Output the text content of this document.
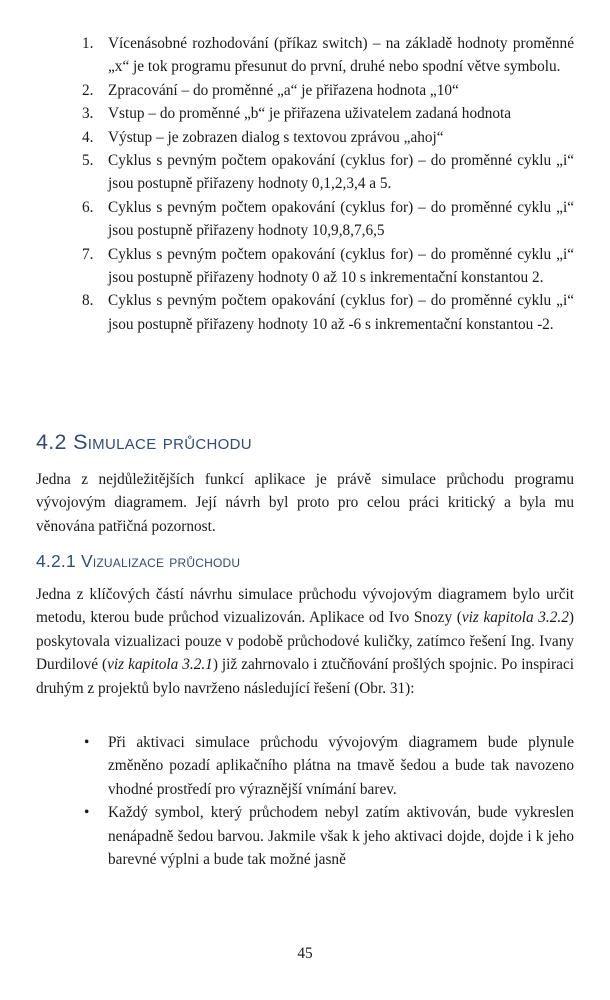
1. Vícenásobné rozhodování (příkaz switch) – na základě hodnoty proměnné „x“ je tok programu přesunut do první, druhé nebo spodní větve symbolu.
2. Zpracování – do proměnné „a“ je přiřazena hodnota „10“
3. Vstup – do proměnné „b“ je přiřazena uživatelem zadaná hodnota
4. Výstup – je zobrazen dialog s textovou zprávou „ahoj“
5. Cyklus s pevným počtem opakování (cyklus for) – do proměnné cyklu „i“ jsou postupně přiřazeny hodnoty 0,1,2,3,4 a 5.
6. Cyklus s pevným počtem opakování (cyklus for) – do proměnné cyklu „i“ jsou postupně přiřazeny hodnoty 10,9,8,7,6,5
7. Cyklus s pevným počtem opakování (cyklus for) – do proměnné cyklu „i“ jsou postupně přiřazeny hodnoty 0 až 10 s inkrementační konstantou 2.
8. Cyklus s pevným počtem opakování (cyklus for) – do proměnné cyklu „i“ jsou postupně přiřazeny hodnoty 10 až -6 s inkrementační konstantou -2.
4.2 Simulace průchodu

Jedna z nejdůležitějších funkcí aplikace je právě simulace průchodu programu vývojovým diagramem. Její návrh byl proto pro celou práci kritický a byla mu věnována patřičná pozornost.

4.2.1 Vizualizace průchodu

Jedna z klíčových částí návrhu simulace průchodu vývojovým diagramem bylo určit metodu, kterou bude průchod vizualizován. Aplikace od Ivo Snozy (viz kapitola 3.2.2) poskytovala vizualizaci pouze v podobě průchodové kuličky, zatímco řešení Ing. Ivany Durdilové (viz kapitola 3.2.1) již zahrnovalo i ztučňování prošlých spojnic. Po inspiraci druhým z projektů bylo navrženo následující řešení (Obr. 31):

• Při aktivaci simulace průchodu vývojovým diagramem bude plynule změněno pozadí aplikačního plátna na tmavě šedou a bude tak navozeno vhodné prostředí pro výraznější vnímání barev.
• Každý symbol, který průchodem nebyl zatím aktivován, bude vykreslen nenápadně šedou barvou. Jakmile však k jeho aktivaci dojde, dojde i k jeho barevné výplni a bude tak možné jasně
45
